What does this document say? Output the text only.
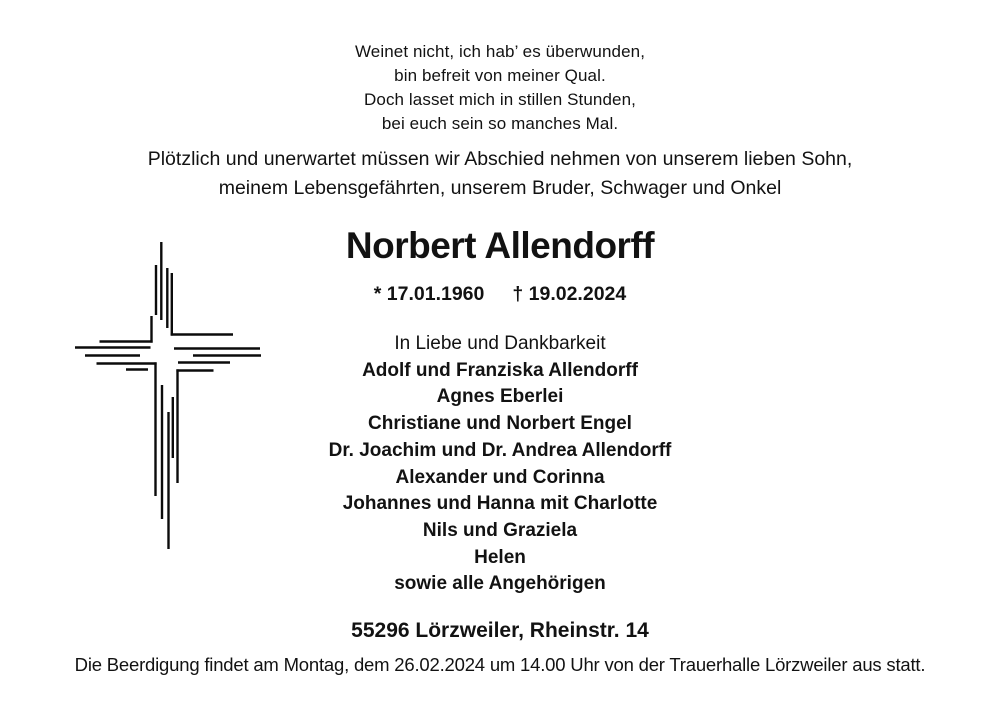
Weinet nicht, ich hab’ es überwunden,
bin befreit von meiner Qual.
Doch lasset mich in stillen Stunden,
bei euch sein so manches Mal.
Plötzlich und unerwartet müssen wir Abschied nehmen von unserem lieben Sohn,
meinem Lebensgefährten, unserem Bruder, Schwager und Onkel
Norbert Allendorff
* 17.01.1960 † 19.02.2024
In Liebe und Dankbarkeit
Adolf und Franziska Allendorff
Agnes Eberlei
Christiane und Norbert Engel
Dr. Joachim und Dr. Andrea Allendorff
Alexander und Corinna
Johannes und Hanna mit Charlotte
Nils und Graziela
Helen
sowie alle Angehörigen
55296 Lörzweiler, Rheinstr. 14
Die Beerdigung findet am Montag, dem 26.02.2024 um 14.00 Uhr von der Trauerhalle Lörzweiler aus statt.
